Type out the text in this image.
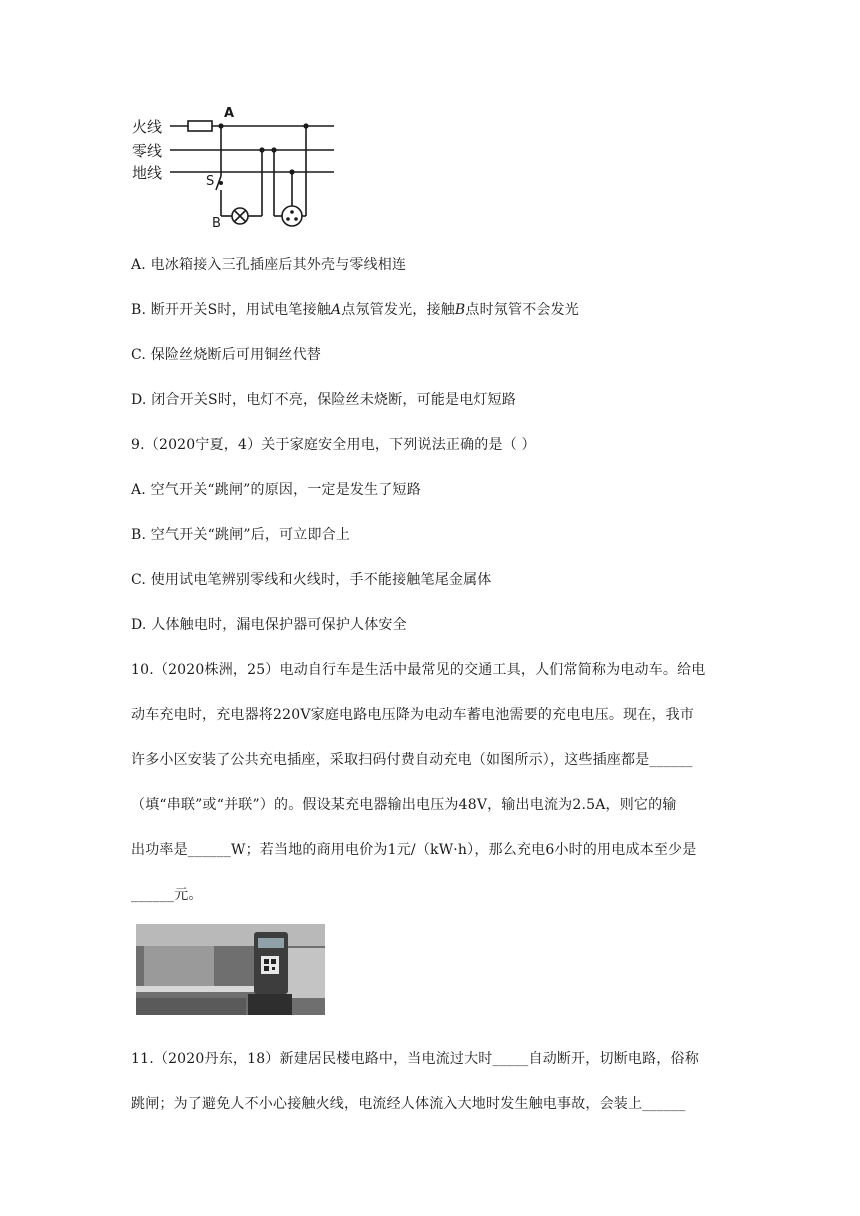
火线
零线
地线
A
S
B
A. 电冰箱接入三孔插座后其外壳与零线相连
B. 断开开关S时，用试电笔接触A点氖管发光，接触B点时氖管不会发光
C. 保险丝烧断后可用铜丝代替
D. 闭合开关S时，电灯不亮，保险丝未烧断，可能是电灯短路
9.（2020宁夏，4）关于家庭安全用电，下列说法正确的是（ ）
A. 空气开关“跳闸”的原因，一定是发生了短路
B. 空气开关“跳闸”后，可立即合上
C. 使用试电笔辨别零线和火线时，手不能接触笔尾金属体
D. 人体触电时，漏电保护器可保护人体安全
10.（2020株洲，25）电动自行车是生活中最常见的交通工具，人们常简称为电动车。给电
动车充电时，充电器将220V家庭电路电压降为电动车蓄电池需要的充电电压。现在，我市
许多小区安装了公共充电插座，采取扫码付费自动充电（如图所示），这些插座都是______
（填“串联”或“并联”）的。假设某充电器输出电压为48V，输出电流为2.5A，则它的输
出功率是______W；若当地的商用电价为1元/（kW·h），那么充电6小时的用电成本至少是
______元。
11.（2020丹东，18）新建居民楼电路中，当电流过大时_____自动断开，切断电路，俗称
跳闸；为了避免人不小心接触火线，电流经人体流入大地时发生触电事故，会装上______
